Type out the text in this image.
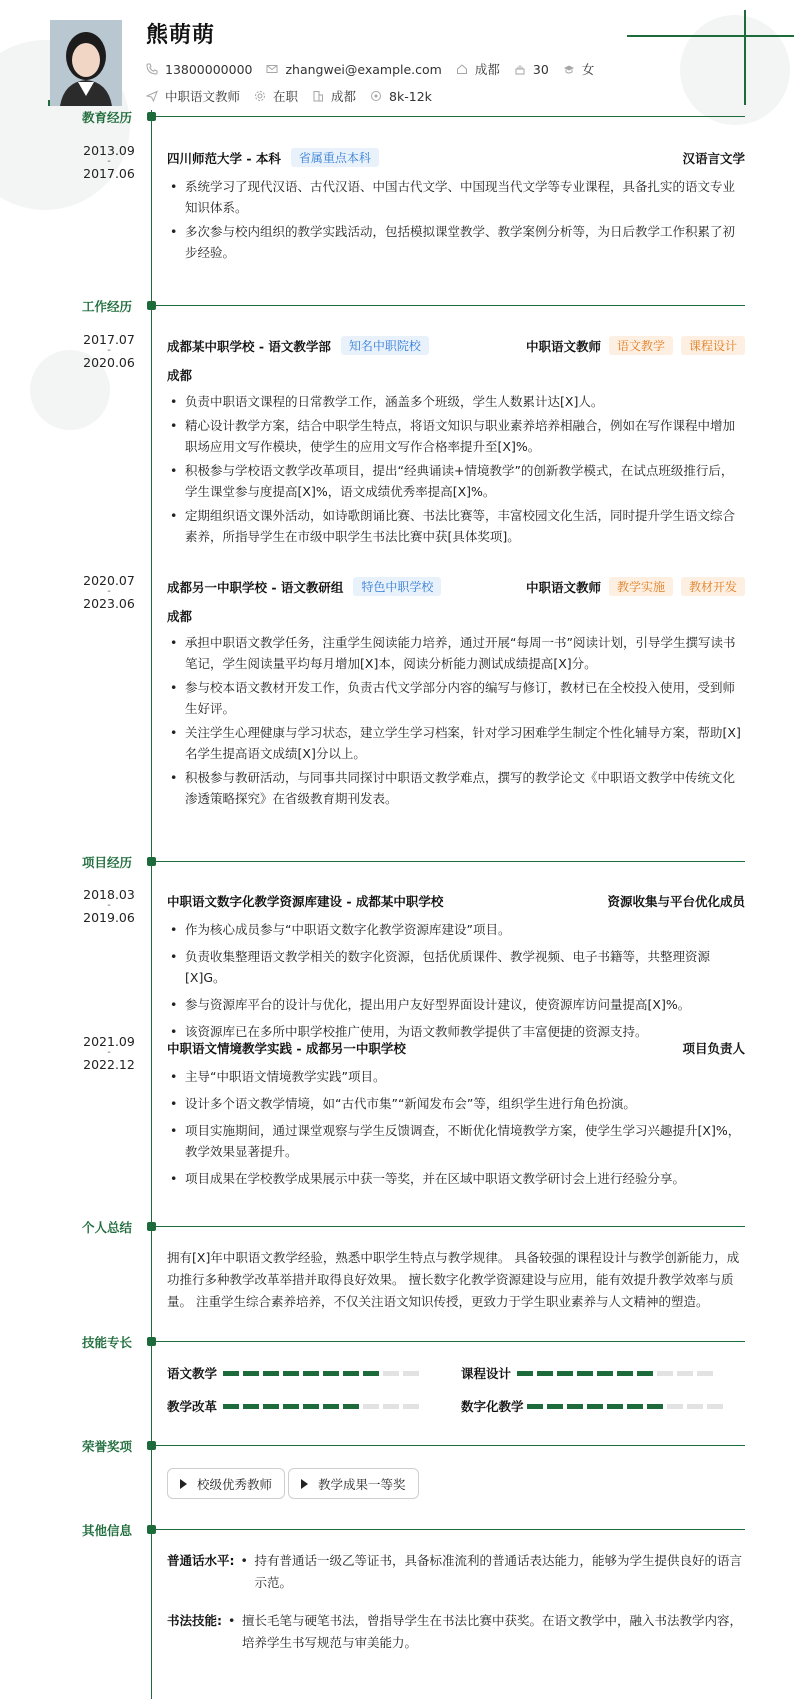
熊萌萌
13800000000	zhangwei@example.com	成都	30	女
中职语文教师	在职	成都	8k-12k
教育经历
2013.09
-
2017.06
四川师范大学 - 本科	省属重点本科	汉语言文学
• 系统学习了现代汉语、古代汉语、中国古代文学、中国现当代文学等专业课程，具备扎实的语文专业知识体系。
• 多次参与校内组织的教学实践活动，包括模拟课堂教学、教学案例分析等，为日后教学工作积累了初步经验。
工作经历
2017.07
-
2020.06
成都某中职学校 - 语文教学部	知名中职院校	中职语文教师	语文教学	课程设计
成都
• 负责中职语文课程的日常教学工作，涵盖多个班级，学生人数累计达[X]人。
• 精心设计教学方案，结合中职学生特点，将语文知识与职业素养培养相融合，例如在写作课程中增加职场应用文写作模块，使学生的应用文写作合格率提升至[X]%。
• 积极参与学校语文教学改革项目，提出“经典诵读+情境教学”的创新教学模式，在试点班级推行后，学生课堂参与度提高[X]%，语文成绩优秀率提高[X]%。
• 定期组织语文课外活动，如诗歌朗诵比赛、书法比赛等，丰富校园文化生活，同时提升学生语文综合素养，所指导学生在市级中职学生书法比赛中获[具体奖项]。
2020.07
-
2023.06
成都另一中职学校 - 语文教研组	特色中职学校	中职语文教师	教学实施	教材开发
成都
• 承担中职语文教学任务，注重学生阅读能力培养，通过开展“每周一书”阅读计划，引导学生撰写读书笔记，学生阅读量平均每月增加[X]本，阅读分析能力测试成绩提高[X]分。
• 参与校本语文教材开发工作，负责古代文学部分内容的编写与修订，教材已在全校投入使用，受到师生好评。
• 关注学生心理健康与学习状态，建立学生学习档案，针对学习困难学生制定个性化辅导方案，帮助[X]名学生提高语文成绩[X]分以上。
• 积极参与教研活动，与同事共同探讨中职语文教学难点，撰写的教学论文《中职语文教学中传统文化渗透策略探究》在省级教育期刊发表。
项目经历
2018.03
-
2019.06
中职语文数字化教学资源库建设 - 成都某中职学校	资源收集与平台优化成员
• 作为核心成员参与“中职语文数字化教学资源库建设”项目。
• 负责收集整理语文教学相关的数字化资源，包括优质课件、教学视频、电子书籍等，共整理资源[X]G。
• 参与资源库平台的设计与优化，提出用户友好型界面设计建议，使资源库访问量提高[X]%。
• 该资源库已在多所中职学校推广使用，为语文教师教学提供了丰富便捷的资源支持。
2021.09
-
2022.12
中职语文情境教学实践 - 成都另一中职学校	项目负责人
• 主导“中职语文情境教学实践”项目。
• 设计多个语文教学情境，如“古代市集”“新闻发布会”等，组织学生进行角色扮演。
• 项目实施期间，通过课堂观察与学生反馈调查，不断优化情境教学方案，使学生学习兴趣提升[X]%，教学效果显著提升。
• 项目成果在学校教学成果展示中获一等奖，并在区域中职语文教学研讨会上进行经验分享。
个人总结
拥有[X]年中职语文教学经验，熟悉中职学生特点与教学规律。 具备较强的课程设计与教学创新能力，成功推行多种教学改革举措并取得良好效果。 擅长数字化教学资源建设与应用，能有效提升教学效率与质量。 注重学生综合素养培养，不仅关注语文知识传授，更致力于学生职业素养与人文精神的塑造。
技能专长
语文教学	课程设计
教学改革	数字化教学
荣誉奖项
校级优秀教师	教学成果一等奖
其他信息
普通话水平:	• 持有普通话一级乙等证书，具备标准流利的普通话表达能力，能够为学生提供良好的语言示范。
书法技能:	• 擅长毛笔与硬笔书法，曾指导学生在书法比赛中获奖。在语文教学中，融入书法教学内容，培养学生书写规范与审美能力。
